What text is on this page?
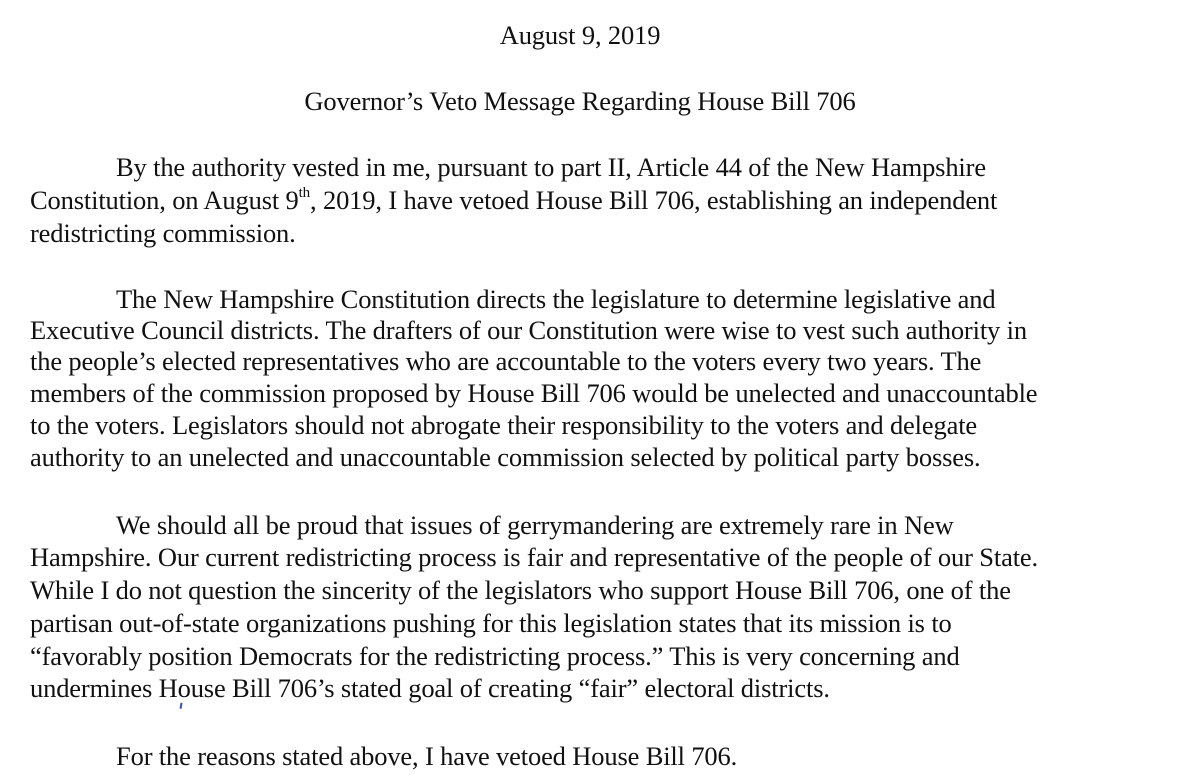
August 9, 2019
Governor’s Veto Message Regarding House Bill 706
By the authority vested in me, pursuant to part II, Article 44 of the New Hampshire
Constitution, on August 9th, 2019, I have vetoed House Bill 706, establishing an independent
redistricting commission.
The New Hampshire Constitution directs the legislature to determine legislative and
Executive Council districts. The drafters of our Constitution were wise to vest such authority in
the people’s elected representatives who are accountable to the voters every two years. The
members of the commission proposed by House Bill 706 would be unelected and unaccountable
to the voters. Legislators should not abrogate their responsibility to the voters and delegate
authority to an unelected and unaccountable commission selected by political party bosses.
We should all be proud that issues of gerrymandering are extremely rare in New
Hampshire. Our current redistricting process is fair and representative of the people of our State.
While I do not question the sincerity of the legislators who support House Bill 706, one of the
partisan out-of-state organizations pushing for this legislation states that its mission is to
“favorably position Democrats for the redistricting process.” This is very concerning and
undermines House Bill 706’s stated goal of creating “fair” electoral districts.
For the reasons stated above, I have vetoed House Bill 706.
